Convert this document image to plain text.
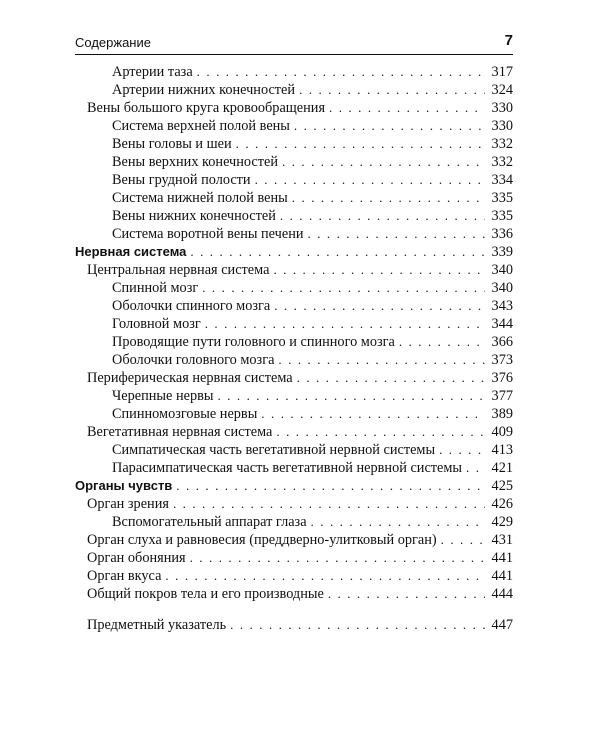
Содержание	7
Артерии таза . . .	317
Артерии нижних конечностей . . .	324
Вены большого круга кровообращения . . .	330
Система верхней полой вены . . .	330
Вены головы и шеи . . .	332
Вены верхних конечностей . . .	332
Вены грудной полости . . .	334
Система нижней полой вены . . .	335
Вены нижних конечностей . . .	335
Система воротной вены печени . . .	336
Нервная система . . .	339
Центральная нервная система . . .	340
Спинной мозг . . .	340
Оболочки спинного мозга . . .	343
Головной мозг . . .	344
Проводящие пути головного и спинного мозга . . .	366
Оболочки головного мозга . . .	373
Периферическая нервная система . . .	376
Черепные нервы . . .	377
Спинномозговые нервы . . .	389
Вегетативная нервная система . . .	409
Симпатическая часть вегетативной нервной системы . . .	413
Парасимпатическая часть вегетативной нервной системы . . . 421
Органы чувств . . .	425
Орган зрения . . .	426
Вспомогательный аппарат глаза . . .	429
Орган слуха и равновесия (преддверно-улитковый орган) . . .	431
Орган обоняния . . .	441
Орган вкуса . . .	441
Общий покров тела и его производные . . .	444
Предметный указатель . . .	447
